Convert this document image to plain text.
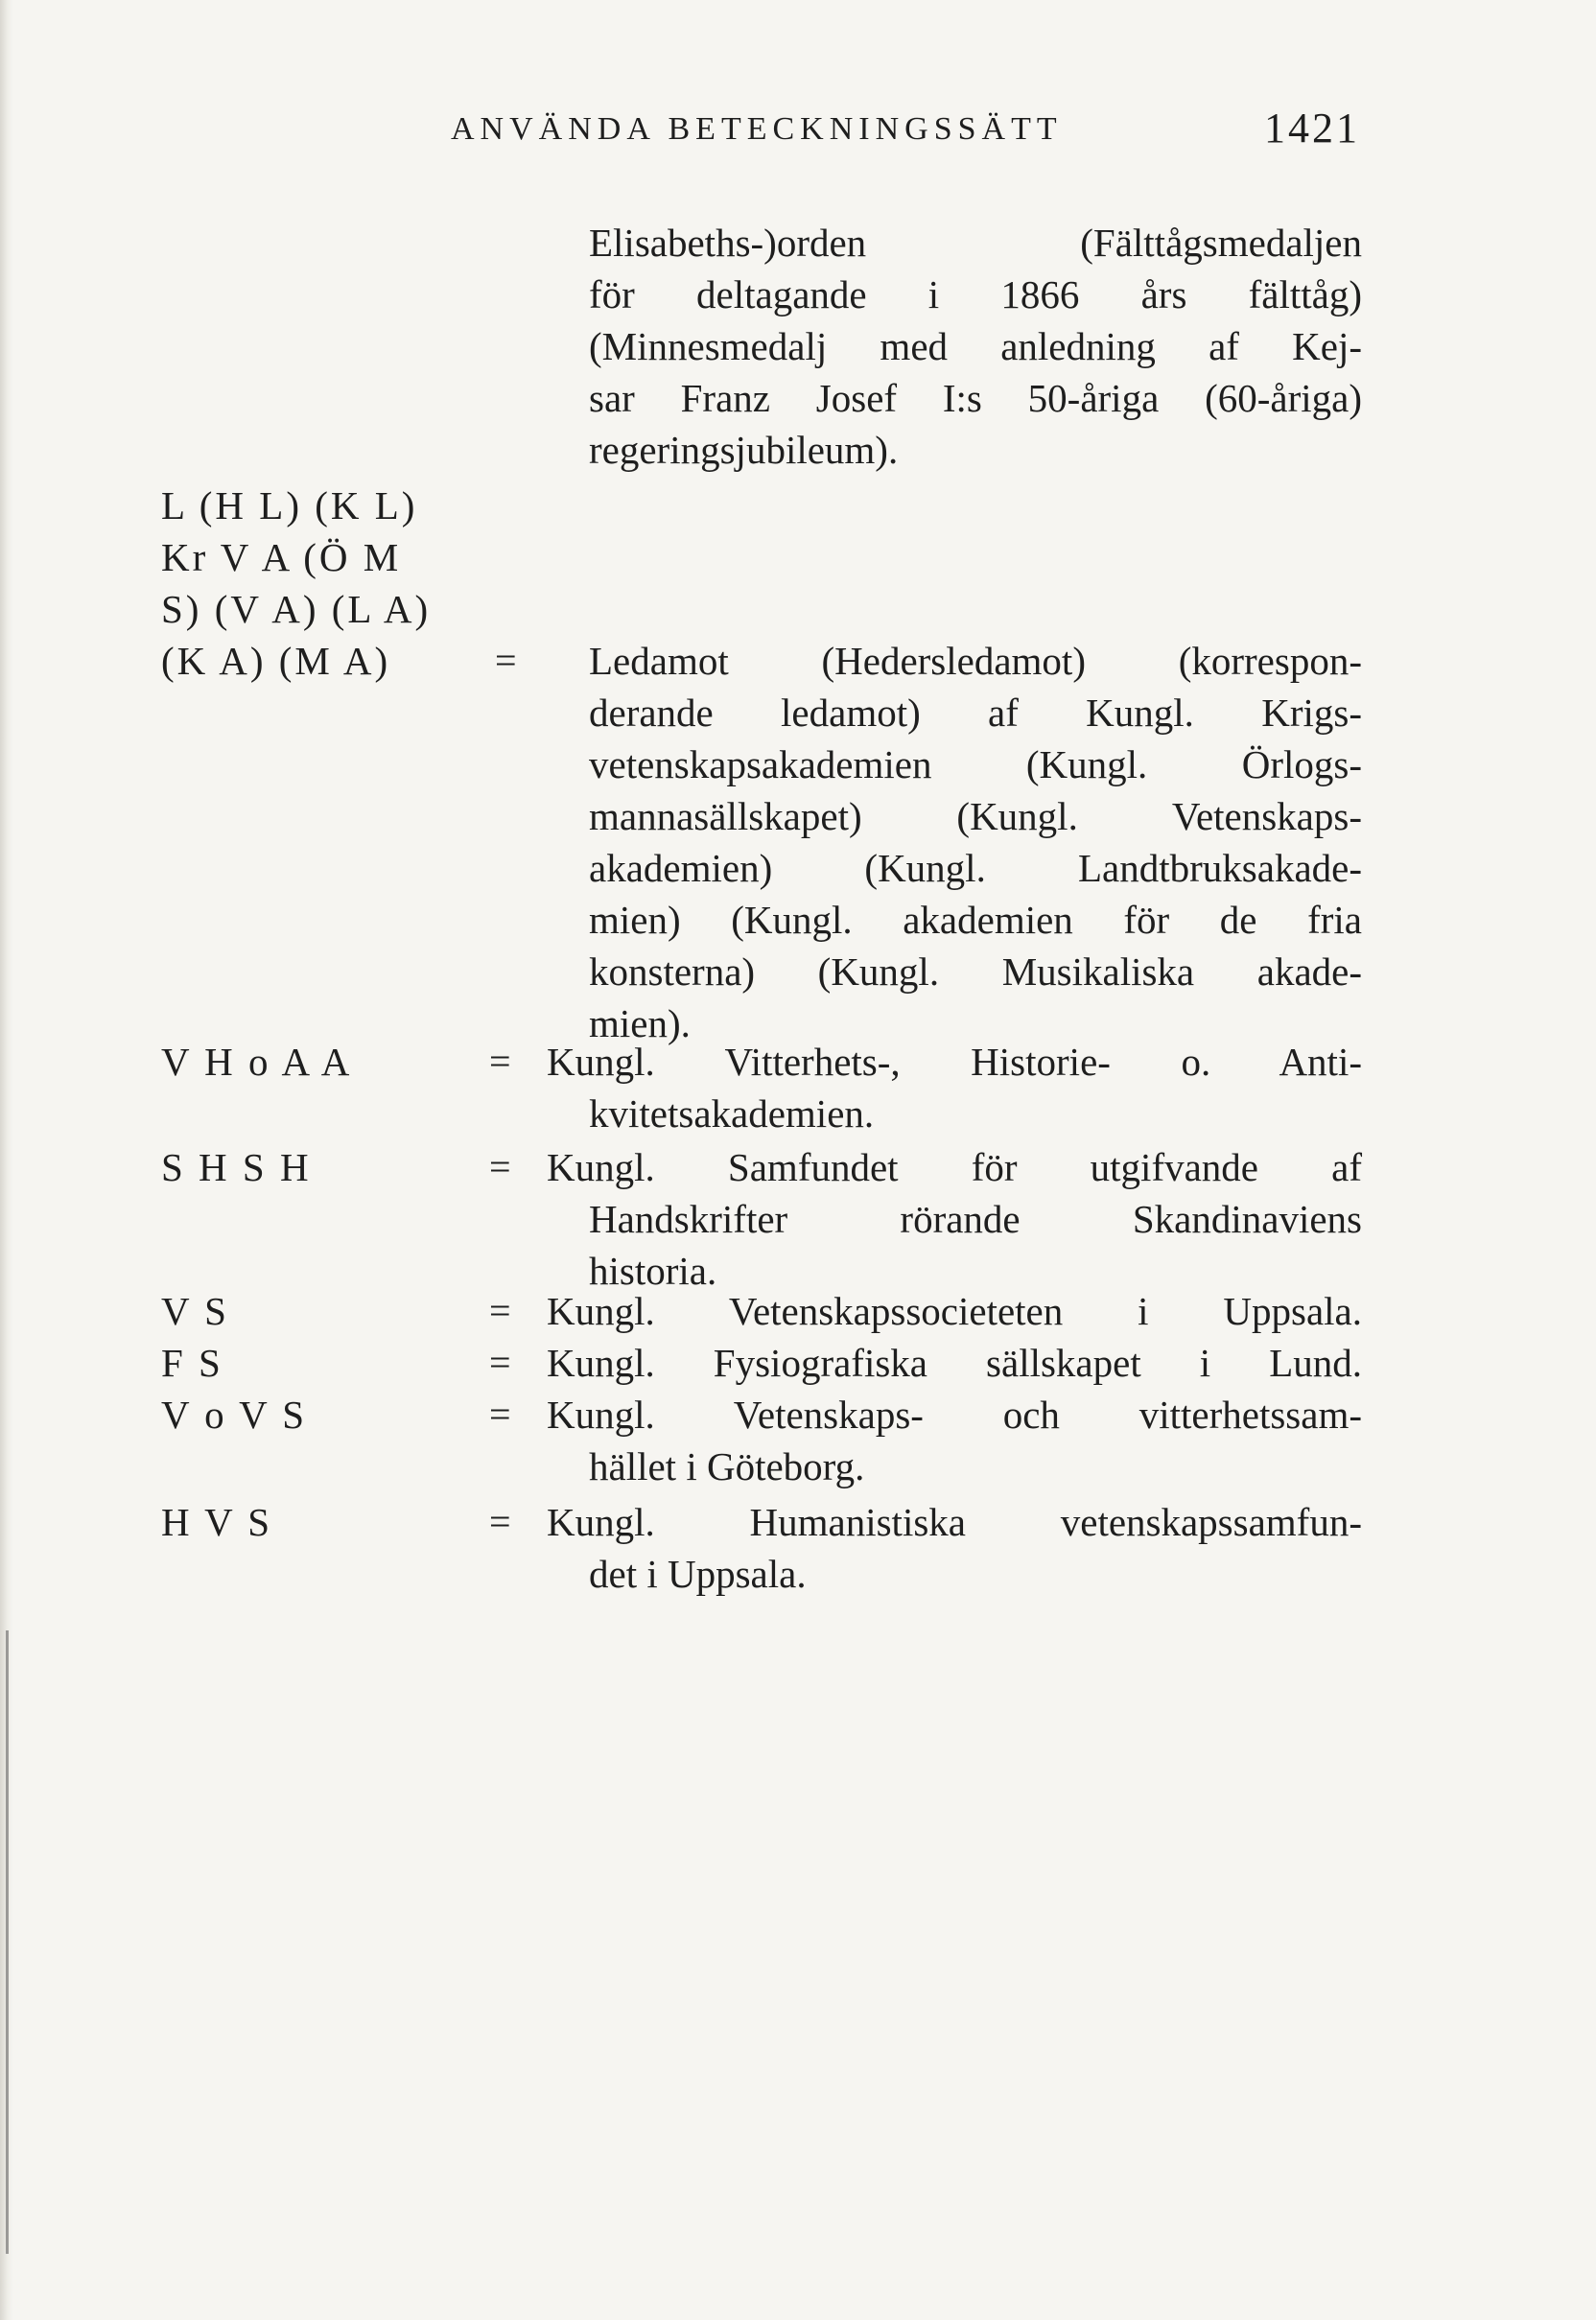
ANVÄNDA BETECKNINGSSÄTT	1421
Elisabeths-)orden (Fälttågsmedaljen
för deltagande i 1866 års fälttåg)
(Minnesmedalj med anledning af Kej-
sar Franz Josef I:s 50-åriga (60-åriga)
regeringsjubileum).
L (H L) (K L)
Kr V A (Ö M
S) (V A) (L A)
(K A) (M A)	= Ledamot (Hedersledamot) (korrespon-
derande ledamot) af Kungl. Krigs-
vetenskapsakademien (Kungl. Örlogs-
mannasällskapet) (Kungl. Vetenskaps-
akademien) (Kungl. Landtbruksakade-
mien) (Kungl. akademien för de fria
konsterna) (Kungl. Musikaliska akade-
mien).
V H o A A	= Kungl. Vitterhets-, Historie- o. Anti-
kvitetsakademien.
S H S H	= Kungl. Samfundet för utgifvande af
Handskrifter rörande Skandinaviens
historia.
V S	= Kungl. Vetenskapssocieteten i Uppsala.
F S	= Kungl. Fysiografiska sällskapet i Lund.
V o V S	= Kungl. Vetenskaps- och vitterhetssam-
hället i Göteborg.
H V S	= Kungl. Humanistiska vetenskapssamfun-
det i Uppsala.
